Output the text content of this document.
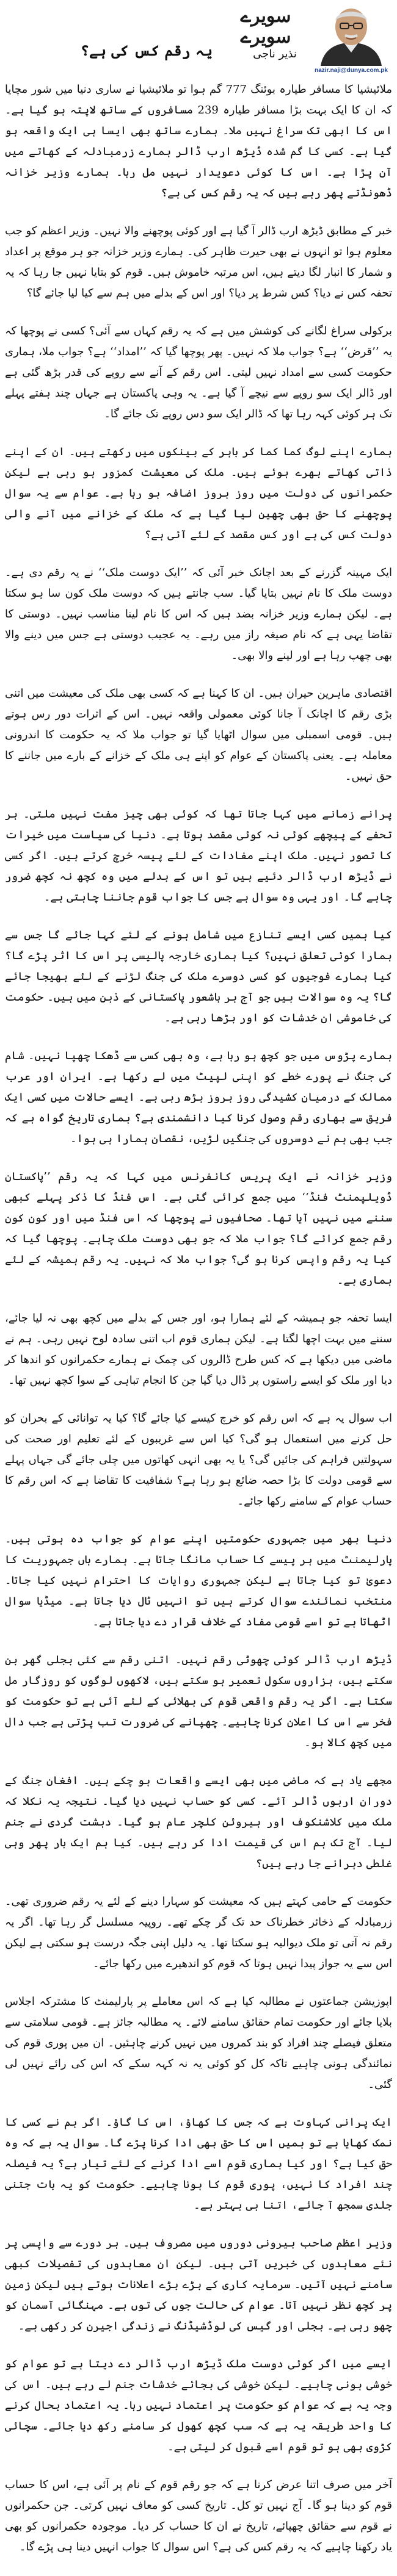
سویرے
سویرے
نذیر ناجی
یہ رقم کس کی ہے؟
nazir.naji@dunya.com.pk

ملائیشیا کا مسافر طیارہ بوئنگ 777 گم ہوا تو ملائیشیا نے ساری دنیا میں شور مچایا کہ ان کا ایک بہت بڑا مسافر طیارہ 239 مسافروں کے ساتھ لاپتہ ہو گیا ہے۔ اس کا ابھی تک سراغ نہیں ملا۔ ہمارے ساتھ بھی ایسا ہی ایک واقعہ ہو گیا ہے۔ کسی کا گم شدہ ڈیڑھ ارب ڈالر ہمارے زرمبادلہ کے کھاتے میں آن پڑا ہے۔ اس کا کوئی دعویدار نہیں مل رہا۔ ہمارے وزیر خزانہ ڈھونڈتے پھر رہے ہیں کہ یہ رقم کس کی ہے؟

خبر کے مطابق ڈیڑھ ارب ڈالر آ گیا ہے اور کوئی پوچھنے والا نہیں۔ وزیر اعظم کو جب معلوم ہوا تو انہوں نے بھی حیرت ظاہر کی۔ ہمارے وزیر خزانہ جو ہر موقع پر اعداد و شمار کا انبار لگا دیتے ہیں، اس مرتبہ خاموش ہیں۔ قوم کو بتایا نہیں جا رہا کہ یہ تحفہ کس نے دیا؟ کس شرط پر دیا؟ اور اس کے بدلے میں ہم سے کیا لیا جائے گا؟

برکولی سراغ لگانے کی کوشش میں ہے کہ یہ رقم کہاں سے آئی؟ کسی نے پوچھا کہ یہ ’’قرض‘‘ ہے؟ جواب ملا کہ نہیں۔ پھر پوچھا گیا کہ ’’امداد‘‘ ہے؟ جواب ملا، ہماری حکومت کسی سے امداد نہیں لیتی۔ اس رقم کے آنے سے روپے کی قدر بڑھ گئی ہے اور ڈالر ایک سو روپے سے نیچے آ گیا ہے۔ یہ وہی پاکستان ہے جہاں چند ہفتے پہلے تک ہر کوئی کہہ رہا تھا کہ ڈالر ایک سو دس روپے تک جائے گا۔

ہمارے اپنے لوگ کما کما کر باہر کے بینکوں میں رکھتے ہیں۔ ان کے اپنے ذاتی کھاتے بھرے ہوئے ہیں۔ ملک کی معیشت کمزور ہو رہی ہے لیکن حکمرانوں کی دولت میں روز بروز اضافہ ہو رہا ہے۔ عوام سے یہ سوال پوچھنے کا حق بھی چھین لیا گیا ہے کہ ملک کے خزانے میں آنے والی دولت کس کی ہے اور کس مقصد کے لئے آئی ہے؟

ایک مہینہ گزرنے کے بعد اچانک خبر آئی کہ ’’ایک دوست ملک‘‘ نے یہ رقم دی ہے۔ دوست ملک کا نام نہیں بتایا گیا۔ سب جانتے ہیں کہ دوست ملک کون سا ہو سکتا ہے۔ لیکن ہمارے وزیر خزانہ بضد ہیں کہ اس کا نام لینا مناسب نہیں۔ دوستی کا تقاضا یہی ہے کہ نام صیغہ راز میں رہے۔ یہ عجیب دوستی ہے جس میں دینے والا بھی چھپ رہا ہے اور لینے والا بھی۔

اقتصادی ماہرین حیران ہیں۔ ان کا کہنا ہے کہ کسی بھی ملک کی معیشت میں اتنی بڑی رقم کا اچانک آ جانا کوئی معمولی واقعہ نہیں۔ اس کے اثرات دور رس ہوتے ہیں۔ قومی اسمبلی میں سوال اٹھایا گیا تو جواب ملا کہ یہ حکومت کا اندرونی معاملہ ہے۔ یعنی پاکستان کے عوام کو اپنے ہی ملک کے خزانے کے بارے میں جاننے کا حق نہیں۔

پرانے زمانے میں کہا جاتا تھا کہ کوئی بھی چیز مفت نہیں ملتی۔ ہر تحفے کے پیچھے کوئی نہ کوئی مقصد ہوتا ہے۔ دنیا کی سیاست میں خیرات کا تصور نہیں۔ ملک اپنے مفادات کے لئے پیسہ خرچ کرتے ہیں۔ اگر کسی نے ڈیڑھ ارب ڈالر دئیے ہیں تو اس کے بدلے میں وہ کچھ نہ کچھ ضرور چاہے گا۔ اور یہی وہ سوال ہے جس کا جواب قوم جاننا چاہتی ہے۔

کیا ہمیں کسی ایسے تنازع میں شامل ہونے کے لئے کہا جائے گا جس سے ہمارا کوئی تعلق نہیں؟ کیا ہماری خارجہ پالیسی پر اس کا اثر پڑے گا؟ کیا ہمارے فوجیوں کو کسی دوسرے ملک کی جنگ لڑنے کے لئے بھیجا جائے گا؟ یہ وہ سوالات ہیں جو آج ہر باشعور پاکستانی کے ذہن میں ہیں۔ حکومت کی خاموشی ان خدشات کو اور بڑھا رہی ہے۔

ہمارے پڑوس میں جو کچھ ہو رہا ہے، وہ بھی کسی سے ڈھکا چھپا نہیں۔ شام کی جنگ نے پورے خطے کو اپنی لپیٹ میں لے رکھا ہے۔ ایران اور عرب ممالک کے درمیان کشیدگی روز بروز بڑھ رہی ہے۔ ایسے حالات میں کسی ایک فریق سے بھاری رقم وصول کرنا کیا دانشمندی ہے؟ ہماری تاریخ گواہ ہے کہ جب بھی ہم نے دوسروں کی جنگیں لڑیں، نقصان ہمارا ہی ہوا۔

وزیر خزانہ نے ایک پریس کانفرنس میں کہا کہ یہ رقم ’’پاکستان ڈویلپمنٹ فنڈ‘‘ میں جمع کرائی گئی ہے۔ اس فنڈ کا ذکر پہلے کبھی سننے میں نہیں آیا تھا۔ صحافیوں نے پوچھا کہ اس فنڈ میں اور کون کون رقم جمع کرائے گا؟ جواب ملا کہ جو بھی دوست ملک چاہے۔ پوچھا گیا کہ کیا یہ رقم واپس کرنا ہو گی؟ جواب ملا کہ نہیں۔ یہ رقم ہمیشہ کے لئے ہماری ہے۔

ایسا تحفہ جو ہمیشہ کے لئے ہمارا ہو، اور جس کے بدلے میں کچھ بھی نہ لیا جائے، سننے میں بہت اچھا لگتا ہے۔ لیکن ہماری قوم اب اتنی سادہ لوح نہیں رہی۔ ہم نے ماضی میں دیکھا ہے کہ کس طرح ڈالروں کی چمک نے ہمارے حکمرانوں کو اندھا کر دیا اور ملک کو ایسے راستوں پر ڈال دیا گیا جن کا انجام تباہی کے سوا کچھ نہیں تھا۔

اب سوال یہ ہے کہ اس رقم کو خرچ کیسے کیا جائے گا؟ کیا یہ توانائی کے بحران کو حل کرنے میں استعمال ہو گی؟ کیا اس سے غریبوں کے لئے تعلیم اور صحت کی سہولتیں فراہم کی جائیں گی؟ یا یہ بھی انہی کھاتوں میں چلی جائے گی جہاں پہلے سے قومی دولت کا بڑا حصہ ضائع ہو رہا ہے؟ شفافیت کا تقاضا ہے کہ اس رقم کا حساب عوام کے سامنے رکھا جائے۔

دنیا بھر میں جمہوری حکومتیں اپنے عوام کو جواب دہ ہوتی ہیں۔ پارلیمنٹ میں ہر پیسے کا حساب مانگا جاتا ہے۔ ہمارے ہاں جمہوریت کا دعویٰ تو کیا جاتا ہے لیکن جمہوری روایات کا احترام نہیں کیا جاتا۔ منتخب نمائندے سوال کرتے ہیں تو انہیں ٹال دیا جاتا ہے۔ میڈیا سوال اٹھاتا ہے تو اسے قومی مفاد کے خلاف قرار دے دیا جاتا ہے۔

ڈیڑھ ارب ڈالر کوئی چھوٹی رقم نہیں۔ اتنی رقم سے کئی بجلی گھر بن سکتے ہیں، ہزاروں سکول تعمیر ہو سکتے ہیں، لاکھوں لوگوں کو روزگار مل سکتا ہے۔ اگر یہ رقم واقعی قوم کی بھلائی کے لئے آئی ہے تو حکومت کو فخر سے اس کا اعلان کرنا چاہیے۔ چھپانے کی ضرورت تب پڑتی ہے جب دال میں کچھ کالا ہو۔

مجھے یاد ہے کہ ماضی میں بھی ایسے واقعات ہو چکے ہیں۔ افغان جنگ کے دوران اربوں ڈالر آئے۔ کسی کو حساب نہیں دیا گیا۔ نتیجہ یہ نکلا کہ ملک میں کلاشنکوف اور ہیروئن کلچر عام ہو گیا۔ دہشت گردی نے جنم لیا۔ آج تک ہم اس کی قیمت ادا کر رہے ہیں۔ کیا ہم ایک بار پھر وہی غلطی دہرانے جا رہے ہیں؟

حکومت کے حامی کہتے ہیں کہ معیشت کو سہارا دینے کے لئے یہ رقم ضروری تھی۔ زرمبادلہ کے ذخائر خطرناک حد تک گر چکے تھے۔ روپیہ مسلسل گر رہا تھا۔ اگر یہ رقم نہ آتی تو ملک دیوالیہ ہو سکتا تھا۔ یہ دلیل اپنی جگہ درست ہو سکتی ہے لیکن اس سے یہ جواز پیدا نہیں ہوتا کہ قوم کو اندھیرے میں رکھا جائے۔

اپوزیشن جماعتوں نے مطالبہ کیا ہے کہ اس معاملے پر پارلیمنٹ کا مشترکہ اجلاس بلایا جائے اور حکومت تمام حقائق سامنے لائے۔ یہ مطالبہ جائز ہے۔ قومی سلامتی سے متعلق فیصلے چند افراد کو بند کمروں میں نہیں کرنے چاہئیں۔ ان میں پوری قوم کی نمائندگی ہونی چاہیے تاکہ کل کو کوئی یہ نہ کہہ سکے کہ اس کی رائے نہیں لی گئی۔

ایک پرانی کہاوت ہے کہ جس کا کھاؤ، اس کا گاؤ۔ اگر ہم نے کسی کا نمک کھایا ہے تو ہمیں اس کا حق بھی ادا کرنا پڑے گا۔ سوال یہ ہے کہ وہ حق کیا ہے؟ اور کیا ہماری قوم اسے ادا کرنے کے لئے تیار ہے؟ یہ فیصلہ چند افراد کا نہیں، پوری قوم کا ہونا چاہیے۔ حکومت کو یہ بات جتنی جلدی سمجھ آ جائے، اتنا ہی بہتر ہے۔

وزیر اعظم صاحب بیرونی دوروں میں مصروف ہیں۔ ہر دورے سے واپسی پر نئے معاہدوں کی خبریں آتی ہیں۔ لیکن ان معاہدوں کی تفصیلات کبھی سامنے نہیں آتیں۔ سرمایہ کاری کے بڑے بڑے اعلانات ہوتے ہیں لیکن زمین پر کچھ نظر نہیں آتا۔ عوام کی حالت جوں کی توں ہے۔ مہنگائی آسمان کو چھو رہی ہے۔ بجلی اور گیس کی لوڈشیڈنگ نے زندگی اجیرن کر رکھی ہے۔

ایسے میں اگر کوئی دوست ملک ڈیڑھ ارب ڈالر دے دیتا ہے تو عوام کو خوشی ہونی چاہیے۔ لیکن خوشی کی بجائے خدشات جنم لے رہے ہیں۔ اس کی وجہ یہ ہے کہ عوام کو حکومت پر اعتماد نہیں رہا۔ یہ اعتماد بحال کرنے کا واحد طریقہ یہ ہے کہ سب کچھ کھول کر سامنے رکھ دیا جائے۔ سچائی کڑوی بھی ہو تو قوم اسے قبول کر لیتی ہے۔

آخر میں صرف اتنا عرض کرنا ہے کہ جو رقم قوم کے نام پر آئی ہے، اس کا حساب قوم کو دینا ہو گا۔ آج نہیں تو کل۔ تاریخ کسی کو معاف نہیں کرتی۔ جن حکمرانوں نے قوم سے حقائق چھپائے، تاریخ نے ان کا حساب کر دیا۔ موجودہ حکمرانوں کو بھی یاد رکھنا چاہیے کہ یہ رقم کس کی ہے؟ اس سوال کا جواب انہیں دینا ہی پڑے گا۔
